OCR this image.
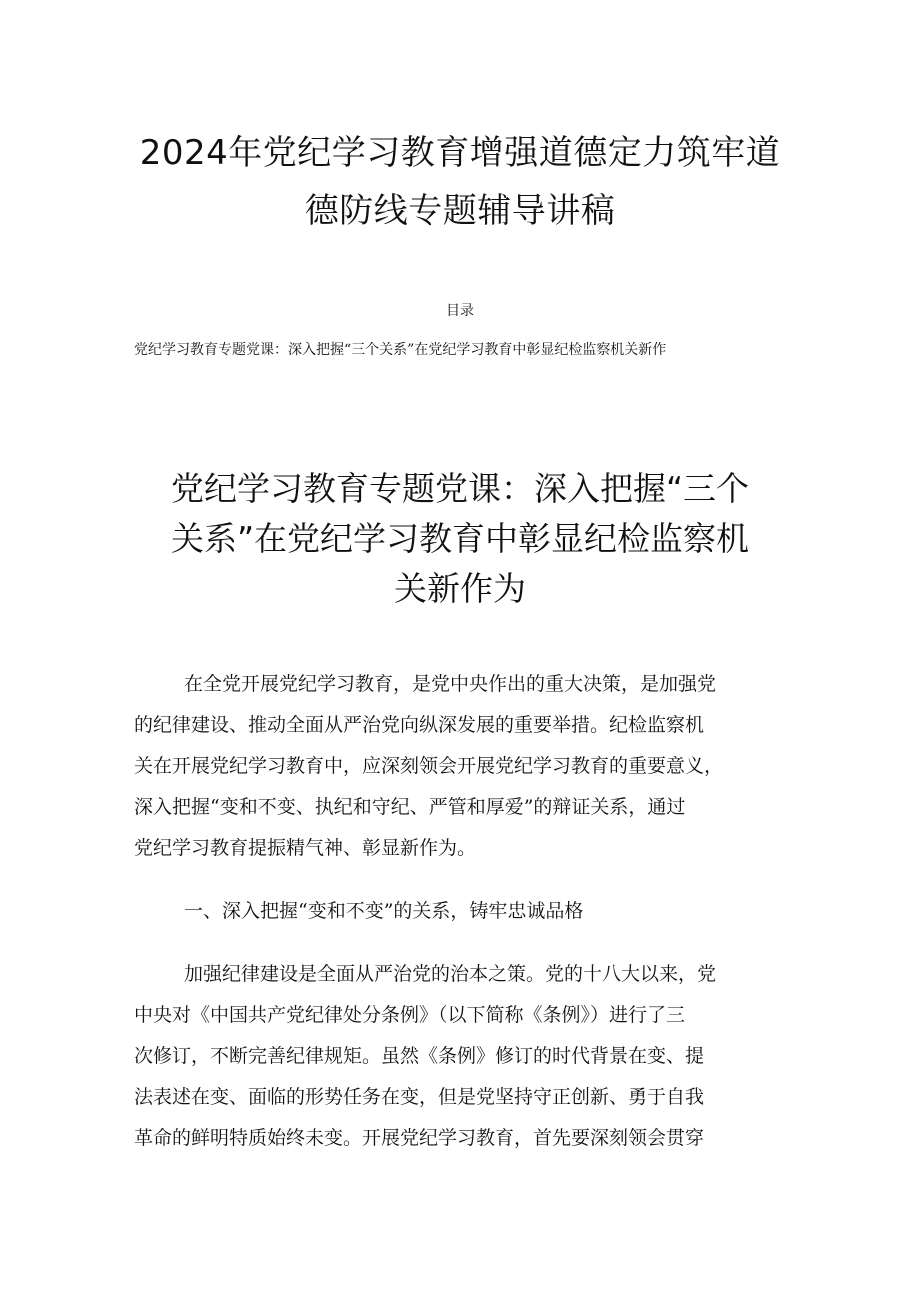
2024年党纪学习教育增强道德定力筑牢道
德防线专题辅导讲稿
目录
党纪学习教育专题党课：深入把握“三个关系”在党纪学习教育中彰显纪检监察机关新作
党纪学习教育专题党课：深入把握“三个
关系”在党纪学习教育中彰显纪检监察机
关新作为

在全党开展党纪学习教育，是党中央作出的重大决策，是加强党
的纪律建设、推动全面从严治党向纵深发展的重要举措。纪检监察机
关在开展党纪学习教育中，应深刻领会开展党纪学习教育的重要意义，
深入把握“变和不变、执纪和守纪、严管和厚爱”的辩证关系，通过
党纪学习教育提振精气神、彰显新作为。

一、深入把握“变和不变”的关系，铸牢忠诚品格

加强纪律建设是全面从严治党的治本之策。党的十八大以来，党
中央对《中国共产党纪律处分条例》（以下简称《条例》）进行了三
次修订，不断完善纪律规矩。虽然《条例》修订的时代背景在变、提
法表述在变、面临的形势任务在变，但是党坚持守正创新、勇于自我
革命的鲜明特质始终未变。开展党纪学习教育，首先要深刻领会贯穿
